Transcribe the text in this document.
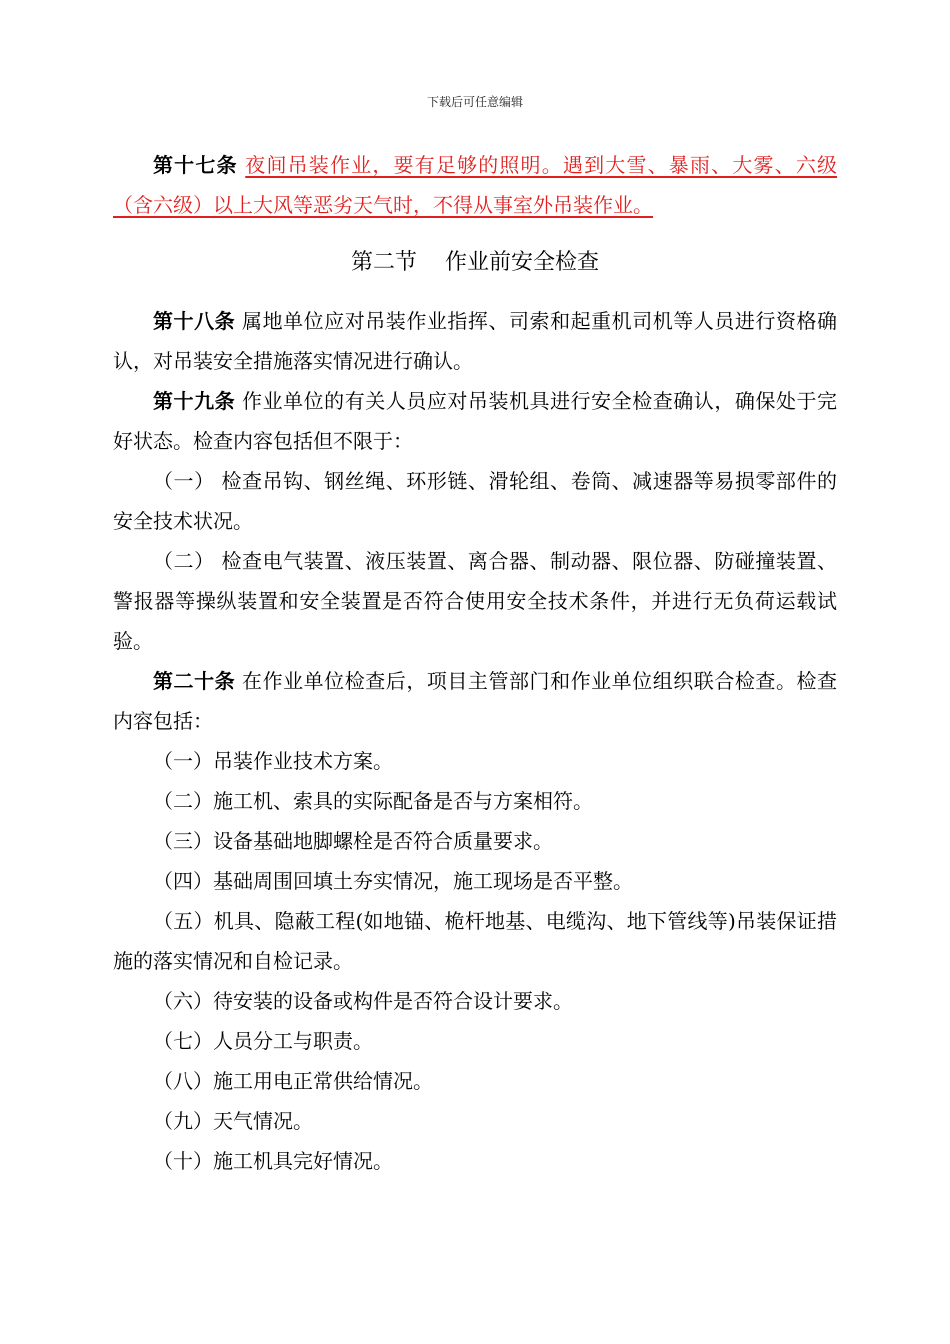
下载后可任意编辑

第十七条 夜间吊装作业，要有足够的照明。遇到大雪、暴雨、大雾、六级（含六级）以上大风等恶劣天气时，不得从事室外吊装作业。

第二节    作业前安全检查

第十八条 属地单位应对吊装作业指挥、司索和起重机司机等人员进行资格确认，对吊装安全措施落实情况进行确认。

第十九条 作业单位的有关人员应对吊装机具进行安全检查确认，确保处于完好状态。检查内容包括但不限于：

（一） 检查吊钩、钢丝绳、环形链、滑轮组、卷筒、减速器等易损零部件的安全技术状况。

（二） 检查电气装置、液压装置、离合器、制动器、限位器、防碰撞装置、警报器等操纵装置和安全装置是否符合使用安全技术条件，并进行无负荷运载试验。

第二十条 在作业单位检查后，项目主管部门和作业单位组织联合检查。检查内容包括：

（一）吊装作业技术方案。

（二）施工机、索具的实际配备是否与方案相符。

（三）设备基础地脚螺栓是否符合质量要求。

（四）基础周围回填土夯实情况，施工现场是否平整。

（五）机具、隐蔽工程(如地锚、桅杆地基、电缆沟、地下管线等)吊装保证措施的落实情况和自检记录。

（六）待安装的设备或构件是否符合设计要求。

（七）人员分工与职责。

（八）施工用电正常供给情况。

（九）天气情况。

（十）施工机具完好情况。
